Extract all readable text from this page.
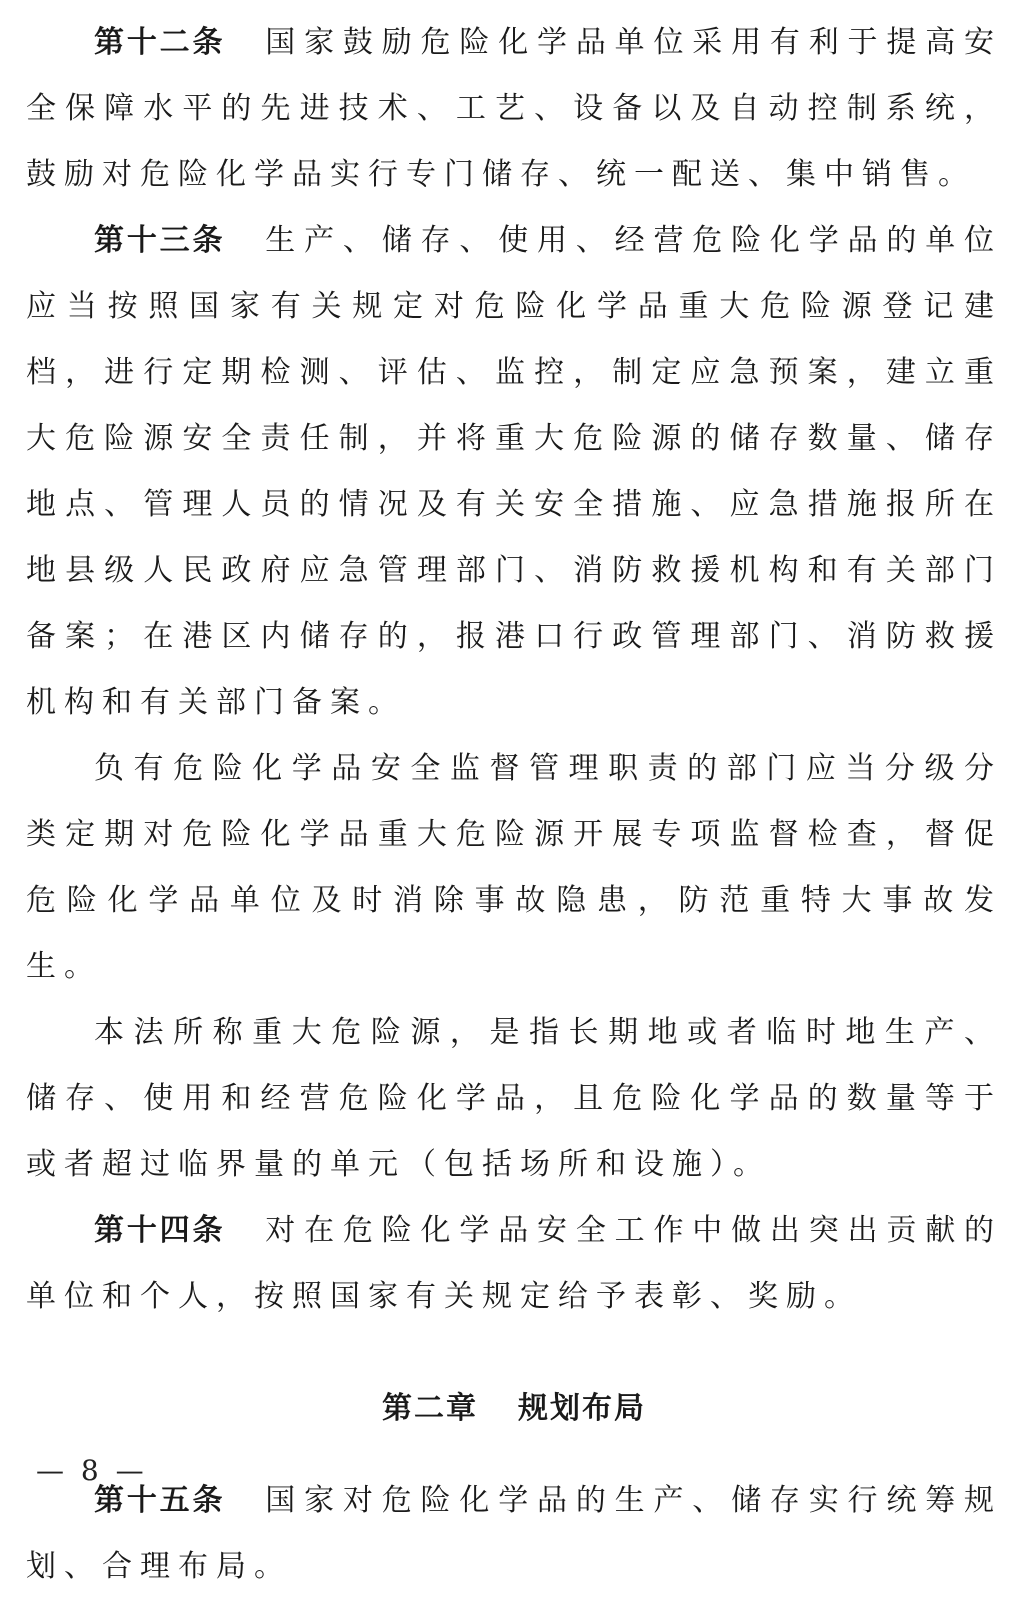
第十二条 国家鼓励危险化学品单位采用有利于提高安全保障水平的先进技术、工艺、设备以及自动控制系统，鼓励对危险化学品实行专门储存、统一配送、集中销售。

第十三条 生产、储存、使用、经营危险化学品的单位应当按照国家有关规定对危险化学品重大危险源登记建档，进行定期检测、评估、监控，制定应急预案，建立重大危险源安全责任制，并将重大危险源的储存数量、储存地点、管理人员的情况及有关安全措施、应急措施报所在地县级人民政府应急管理部门、消防救援机构和有关部门备案；在港区内储存的，报港口行政管理部门、消防救援机构和有关部门备案。

负有危险化学品安全监督管理职责的部门应当分级分类定期对危险化学品重大危险源开展专项监督检查，督促危险化学品单位及时消除事故隐患，防范重特大事故发生。

本法所称重大危险源，是指长期地或者临时地生产、储存、使用和经营危险化学品，且危险化学品的数量等于或者超过临界量的单元（包括场所和设施）。

第十四条 对在危险化学品安全工作中做出突出贡献的单位和个人，按照国家有关规定给予表彰、奖励。

第二章 规划布局

第十五条 国家对危险化学品的生产、储存实行统筹规划、合理布局。

— 8 —
